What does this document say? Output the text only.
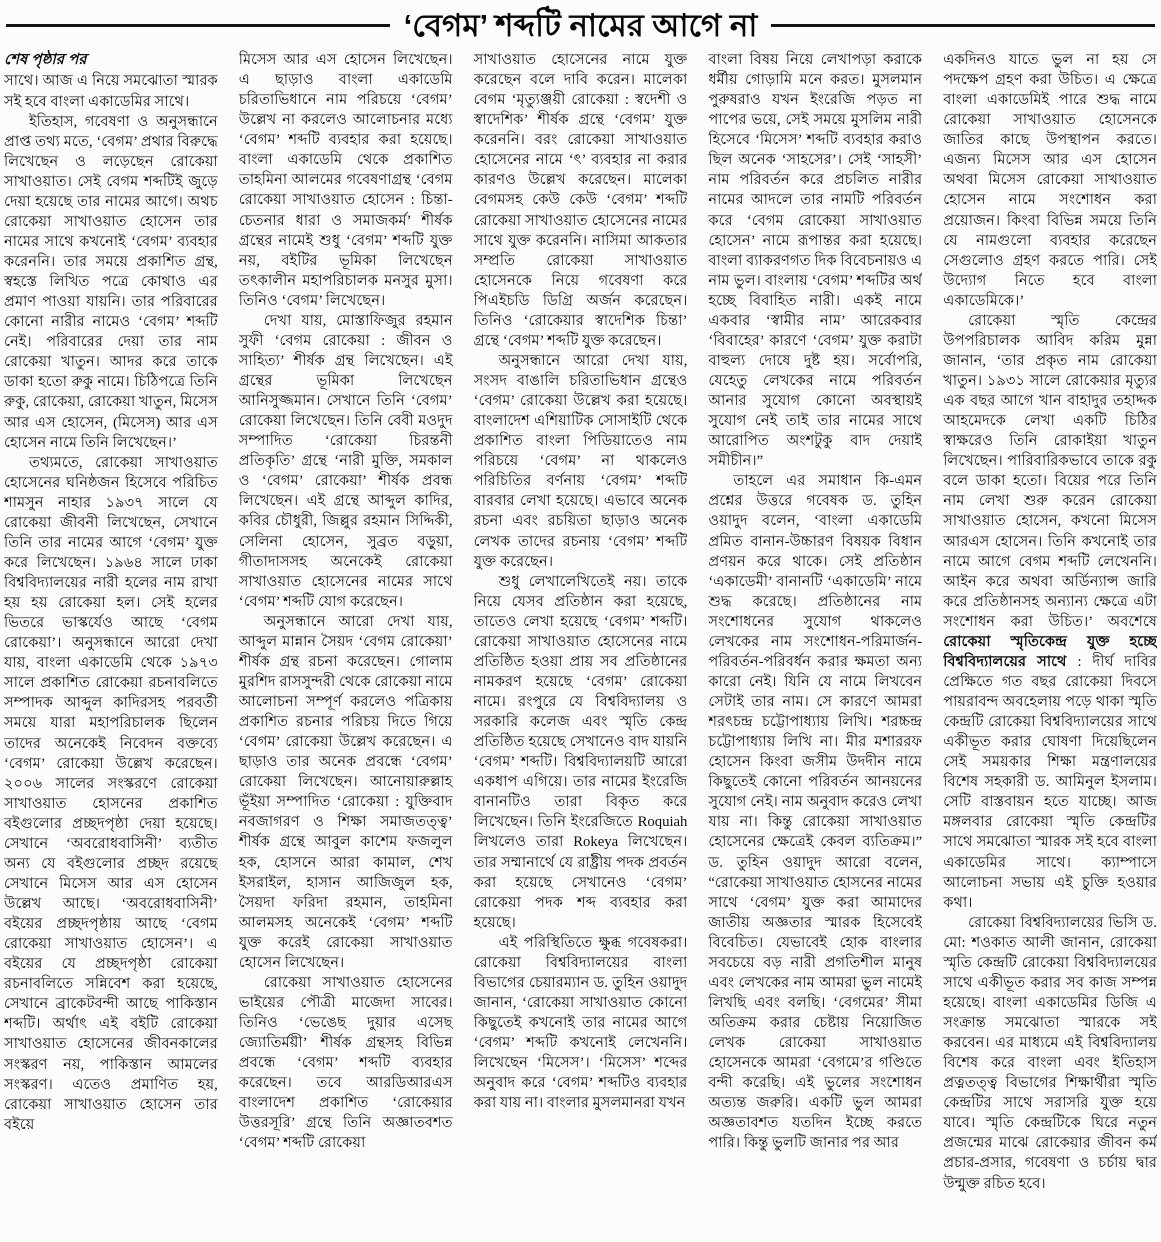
‘বেগম’ শব্দটি নামের আগে না
শেষ পৃষ্ঠার পর

সাথে। আজ এ নিয়ে সমঝোতা স্মারক সই হবে বাংলা একাডেমির সাথে।

ইতিহাস, গবেষণা ও অনুসন্ধানে প্রাপ্ত তথ্য মতে, ‘বেগম’ প্রথার বিরুদ্ধে লিখেছেন ও লড়েছেন রোকেয়া সাখাওয়াত। সেই বেগম শব্দটিই জুড়ে দেয়া হয়েছে তার নামের আগে। অথচ রোকেয়া সাখাওয়াত হোসেন তার নামের সাথে কখনোই ‘বেগম’ ব্যবহার করেননি। তার সময়ে প্রকাশিত গ্রন্থ, স্বহস্তে লিখিত পত্রে কোথাও এর প্রমাণ পাওয়া যায়নি। তার পরিবারের কোনো নারীর নামেও ‘বেগম’ শব্দটি নেই। পরিবারের দেয়া তার নাম রোকেয়া খাতুন। আদর করে তাকে ডাকা হতো রুকু নামে। চিঠিপত্রে তিনি রুকু, রোকেয়া, রোকেয়া খাতুন, মিসেস আর এস হোসেন, (মিসেস) আর এস হোসেন নামে তিনি লিখেছেন।’

তথ্যমতে, রোকেয়া সাখাওয়াত হোসেনের ঘনিষ্ঠজন হিসেবে পরিচিত শামসুন নাহার ১৯৩৭ সালে যে রোকেয়া জীবনী লিখেছেন, সেখানে তিনি তার নামের আগে ‘বেগম’ যুক্ত করে লিখেছেন। ১৯৬৪ সালে ঢাকা বিশ্ববিদ্যালয়ের নারী হলের নাম রাখা হয় হয় রোকেয়া হল। সেই হলের ভিতরে ভাস্কর্যেও আছে ‘বেগম রোকেয়া’। অনুসন্ধানে আরো দেখা যায়, বাংলা একাডেমি থেকে ১৯৭৩ সালে প্রকাশিত রোকেয়া রচনাবলিতে সম্পাদক আব্দুল কাদিরসহ পরবর্তী সময়ে যারা মহাপরিচালক ছিলেন তাদের অনেকেই নিবেদন বক্তব্যে ‘বেগম’ রোকেয়া উল্লেখ করেছেন। ২০০৬ সালের সংস্করণে রোকেয়া সাখাওয়াত হোসনের প্রকাশিত বইগুলোর প্রচ্ছদপৃষ্ঠা দেয়া হয়েছে। সেখানে ‘অবরোধবাসিনী’ ব্যতীত অন্য যে বইগুলোর প্রচ্ছদ রয়েছে সেখানে মিসেস আর এস হোসেন উল্লেখ আছে। ‘অবরোধবাসিনী’ বইয়ের প্রচ্ছদপৃষ্ঠায় আছে ‘বেগম রোকেয়া সাখাওয়াত হোসেন’। এ বইয়ের যে প্রচ্ছদপৃষ্ঠা রোকেয়া রচনাবলিতে সন্নিবেশ করা হয়েছে, সেখানে ব্রাকেটবন্দী আছে পাকিস্তান শব্দটি। অর্থাৎ এই বইটি রোকেয়া সাখাওয়াত হোসেনের জীবনকালের সংস্করণ নয়, পাকিস্তান আমলের সংস্করণ। এতেও প্রমাণিত হয়, রোকেয়া সাখাওয়াত হোসেন তার বইয়ে

মিসেস আর এস হোসেন লিখেছেন। এ ছাড়াও বাংলা একাডেমি চরিতাভিধানে নাম পরিচয়ে ‘বেগম’ উল্লেখ না করলেও আলোচনার মধ্যে ‘বেগম’ শব্দটি ব্যবহার করা হয়েছে। বাংলা একাডেমি থেকে প্রকাশিত তাহমিনা আলমের গবেষণাগ্রন্থ ‘বেগম রোকেয়া সাখাওয়াত হোসেন : চিন্তা-চেতনার ধারা ও সমাজকর্ম’ শীর্ষক গ্রন্থের নামেই শুধু ‘বেগম’ শব্দটি যুক্ত নয়, বইটির ভূমিকা লিখেছেন তৎকালীন মহাপরিচালক মনসুর মুসা। তিনিও ‘বেগম’ লিখেছেন।

দেখা যায়, মোস্তাফিজুর রহমান সুফী ‘বেগম রোকেয়া : জীবন ও সাহিত্য’ শীর্ষক গ্রন্থ লিখেছেন। এই গ্রন্থের ভূমিকা লিখেছেন আনিসুজ্জমান। সেখানে তিনি ‘বেগম’ রোকেয়া লিখেছেন। তিনি বেবী মওদুদ সম্পাদিত ‘রোকেয়া চিরন্তনী প্রতিকৃতি’ গ্রন্থে ‘নারী মুক্তি, সমকাল ও ‘বেগম’ রোকেয়া’ শীর্ষক প্রবন্ধ লিখেছেন। এই গ্রন্থে আব্দুল কাদির, কবির চৌধুরী, জিল্লুর রহমান সিদ্দিকী, সেলিনা হোসেন, সুব্রত বড়ুয়া, গীতাদাসসহ অনেকেই রোকেয়া সাখাওয়াত হোসেনের নামের সাথে ‘বেগম’ শব্দটি যোগ করেছেন।

অনুসন্ধানে আরো দেখা যায়, আব্দুল মান্নান সৈয়দ ‘বেগম রোকেয়া’ শীর্ষক গ্রন্থ রচনা করেছেন। গোলাম মুরশিদ রাসসুন্দরী থেকে রোকেয়া নামে আলোচনা সম্পূর্ণ করলেও পত্রিকায় প্রকাশিত রচনার পরিচয় দিতে গিয়ে ‘বেগম’ রোকেয়া উল্লেখ করেছেন। এ ছাড়াও তার অনেক প্রবন্ধে ‘বেগম’ রোকেয়া লিখেছেন। আনোয়ারুল্লাহ ভূঁইয়া সম্পাদিত ‘রোকেয়া : যুক্তিবাদ নবজাগরণ ও শিক্ষা সমাজতত্ত্ব’ শীর্ষক গ্রন্থে আবুল কাশেম ফজলুল হক, হোসনে আরা কামাল, শেখ ইসরাইল, হাসান আজিজুল হক, সৈয়দা ফরিদা রহমান, তাহমিনা আলমসহ অনেকেই ‘বেগম’ শব্দটি যুক্ত করেই রোকেয়া সাখাওয়াত হোসেন লিখেছেন।

রোকেয়া সাখাওয়াত হোসেনের ভাইয়ের পৌত্রী মাজেদা সাবের। তিনিও ‘ভেঙেছ দুয়ার এসেছ জ্যোতির্ময়ী’ শীর্ষক গ্রন্থসহ বিভিন্ন প্রবন্ধে ‘বেগম’ শব্দটি ব্যবহার করেছেন। তবে আরডিআরএস বাংলাদেশ প্রকাশিত ‘রোকেয়ার উত্তরসূরি’ গ্রন্থে তিনি অজ্ঞাতবশত ‘বেগম’ শব্দটি রোকেয়া

সাখাওয়াত হোসেনের নামে যুক্ত করেছেন বলে দাবি করেন। মালেকা বেগম ‘মৃত্যুঞ্জয়ী রোকেয়া : স্বদেশী ও স্বাদেশিক’ শীর্ষক গ্রন্থে ‘বেগম’ যুক্ত করেননি। বরং রোকেয়া সাখাওয়াত হোসেনের নামে ‘ৎ’ ব্যবহার না করার কারণও উল্লেখ করেছেন। মালেকা বেগমসহ কেউ কেউ ‘বেগম’ শব্দটি রোকেয়া সাখাওয়াত হোসেনের নামের সাথে যুক্ত করেননি। নাসিমা আকতার সম্প্রতি রোকেয়া সাখাওয়াত হোসেনকে নিয়ে গবেষণা করে পিএইচডি ডিগ্রি অর্জন করেছেন। তিনিও ‘রোকেয়ার স্বাদেশিক চিন্তা’ গ্রন্থে ‘বেগম’ শব্দটি যুক্ত করেছেন।

অনুসন্ধানে আরো দেখা যায়, সংসদ বাঙালি চরিতাভিধান গ্রন্থেও ‘বেগম’ রোকেয়া উল্লেখ করা হয়েছে। বাংলাদেশ এশিয়াটিক সোসাইটি থেকে প্রকাশিত বাংলা পিডিয়াতেও নাম পরিচয়ে ‘বেগম’ না থাকলেও পরিচিতির বর্ণনায় ‘বেগম’ শব্দটি বারবার লেখা হয়েছে। এভাবে অনেক রচনা এবং রচয়িতা ছাড়াও অনেক লেখক তাদের রচনায় ‘বেগম’ শব্দটি যুক্ত করেছেন।

শুধু লেখালেখিতেই নয়। তাকে নিয়ে যেসব প্রতিষ্ঠান করা হয়েছে, তাতেও লেখা হয়েছে ‘বেগম’ শব্দটি। রোকেয়া সাখাওয়াত হোসেনের নামে প্রতিষ্ঠিত হওয়া প্রায় সব প্রতিষ্ঠানের নামকরণ হয়েছে ‘বেগম’ রোকেয়া নামে। রংপুরে যে বিশ্ববিদ্যালয় ও সরকারি কলেজ এবং স্মৃতি কেন্দ্র প্রতিষ্ঠিত হয়েছে সেখানেও বাদ যায়নি ‘বেগম’ শব্দটি। বিশ্ববিদ্যালয়টি আরো একধাপ এগিয়ে। তার নামের ইংরেজি বানানটিও তারা বিকৃত করে লিখেছেন। তিনি ইংরেজিতে Roquiah লিখলেও তারা Rokeya লিখেছেন। তার সম্মানার্থে যে রাষ্ট্রীয় পদক প্রবর্তন করা হয়েছে সেখানেও ‘বেগম’ রোকেয়া পদক শব্দ ব্যবহার করা হয়েছে।

এই পরিস্থিতিতে ক্ষুব্ধ গবেষকরা। রোকেয়া বিশ্ববিদ্যালয়ের বাংলা বিভাগের চেয়ারম্যান ড. তুহিন ওয়াদুদ জানান, ‘রোকেয়া সাখাওয়াত কোনো কিছুতেই কখনোই তার নামের আগে ‘বেগম’ শব্দটি কখনোই লেখেননি। লিখেছেন ‘মিসেস’। ‘মিসেস’ শব্দের অনুবাদ করে ‘বেগম’ শব্দটিও ব্যবহার করা যায় না। বাংলার মুসলমানরা যখন

বাংলা বিষয় নিয়ে লেখাপড়া করাকে ধর্মীয় গোড়ামি মনে করত। মুসলমান পুরুষরাও যখন ইংরেজি পড়ত না পাপের ভয়ে, সেই সময়ে মুসলিম নারী হিসেবে ‘মিসেস’ শব্দটি ব্যবহার করাও ছিল অনেক ‘সাহসের’। সেই ‘সাহসী’ নাম পরিবর্তন করে প্রচলিত নারীর নামের আদলে তার নামটি পরিবর্তন করে ‘বেগম রোকেয়া সাখাওয়াত হোসেন’ নামে রূপান্তর করা হয়েছে। বাংলা ব্যাকরণগত দিক বিবেচনায়ও এ নাম ভুল। বাংলায় ‘বেগম’ শব্দটির অর্থ হচ্ছে বিবাহিত নারী। একই নামে একবার ‘স্বামীর নাম’ আরেকবার ‘বিবাহের’ কারণে ‘বেগম’ যুক্ত করাটা বাহুল্য দোষে দুষ্ট হয়। সর্বোপরি, যেহেতু লেখকের নামে পরিবর্তন আনার সুযোগ কোনো অবস্থায়ই সুযোগ নেই তাই তার নামের সাথে আরোপিত অংশটুকু বাদ দেয়াই সমীচীন।”

তাহলে এর সমাধান কি-এমন প্রশ্নের উত্তরে গবেষক ড. তুহিন ওয়াদুদ বলেন, ‘বাংলা একাডেমি প্রমিত বানান-উচ্চারণ বিষয়ক বিধান প্রণয়ন করে থাকে। সেই প্রতিষ্ঠান ‘একাডেমী’ বানানটি ‘একাডেমি’ নামে শুদ্ধ করেছে। প্রতিষ্ঠানের নাম সংশোধনের সুযোগ থাকলেও লেখকের নাম সংশোধন-পরিমার্জন-পরিবর্তন-পরিবর্ধন করার ক্ষমতা অন্য কারো নেই। যিনি যে নামে লিখবেন সেটাই তার নাম। সে কারণে আমরা শরৎচন্দ্র চট্টোপাধ্যায় লিখি। শরচ্চন্দ্র চট্টোপাধ্যায় লিখি না। মীর মশাররফ হোসেন কিংবা জসীম উদদীন নামে কিছুতেই কোনো পরিবর্তন আনয়নের সুযোগ নেই। নাম অনুবাদ করেও লেখা যায় না। কিন্তু রোকেয়া সাখাওয়াত হোসেনের ক্ষেত্রেই কেবল ব্যতিক্রম।” ড. তুহিন ওয়াদুদ আরো বলেন, “রোকেয়া সাখাওয়াত হোসনের নামের সাথে ‘বেগম’ যুক্ত করা আমাদের জাতীয় অজ্ঞতার স্মারক হিসেবেই বিবেচিত। যেভাবেই হোক বাংলার সবচেয়ে বড় নারী প্রগতিশীল মানুষ এবং লেখকের নাম আমরা ভুল নামেই লিখছি এবং বলছি। ‘বেগমের’ সীমা অতিক্রম করার চেষ্টায় নিয়োজিত লেখক রোকেয়া সাখাওয়াত হোসেনকে আমরা ‘বেগমে’র গণ্ডিতে বন্দী করেছি। এই ভুলের সংশোধন অত্যন্ত জরুরি। একটি ভুল আমরা অজ্ঞতাবশত যতদিন ইচ্ছে করতে পারি। কিন্তু ভুলটি জানার পর আর

একদিনও যাতে ভুল না হয় সে পদক্ষেপ গ্রহণ করা উচিত। এ ক্ষেত্রে বাংলা একাডেমিই পারে শুদ্ধ নামে রোকেয়া সাখাওয়াত হোসেনকে জাতির কাছে উপস্থাপন করতে। এজন্য মিসেস আর এস হোসেন অথবা মিসেস রোকেয়া সাখাওয়াত হোসেন নামে সংশোধন করা প্রয়োজন। কিংবা বিভিন্ন সময়ে তিনি যে নামগুলো ব্যবহার করেছেন সেগুলোও গ্রহণ করতে পারি। সেই উদ্যোগ নিতে হবে বাংলা একাডেমিকে।’

রোকেয়া স্মৃতি কেন্দ্রের উপপরিচালক আবিদ করিম মুন্না জানান, ‘তার প্রকৃত নাম রোকেয়া খাতুন। ১৯৩১ সালে রোকেয়ার মৃত্যুর এক বছর আগে খান বাহাদুর তহাদ্দক আহমেদকে লেখা একটি চিঠির স্বাক্ষরেও তিনি রোকাইয়া খাতুন লিখেছেন। পারিবারিকভাবে তাকে রকু বলে ডাকা হতো। বিয়ের পরে তিনি নাম লেখা শুরু করেন রোকেয়া সাখাওয়াত হোসেন, কখনো মিসেস আরএস হোসেন। তিনি কখনোই তার নামে আগে বেগম শব্দটি লেখেননি। আইন করে অথবা অর্ডিন্যান্স জারি করে প্রতিষ্ঠানসহ অন্যান্য ক্ষেত্রে এটা সংশোধন করা উচিত।’ অবশেষে রোকেয়া স্মৃতিকেন্দ্র যুক্ত হচ্ছে বিশ্ববিদ্যালয়ের সাথে : দীর্ঘ দাবির প্রেক্ষিতে গত বছর রোকেয়া দিবসে পায়রাবন্দ অবহেলায় পড়ে থাকা স্মৃতি কেন্দ্রটি রোকেয়া বিশ্ববিদ্যালয়ের সাথে একীভূত করার ঘোষণা দিয়েছিলেন সেই সময়কার শিক্ষা মন্ত্রণালয়ের বিশেষ সহকারী ড. আমিনুল ইসলাম। সেটি বাস্তবায়ন হতে যাচ্ছে। আজ মঙ্গলবার রোকেয়া স্মৃতি কেন্দ্রটির সাথে সমঝোতা স্মারক সই হবে বাংলা একাডেমির সাথে। ক্যাম্পাসে আলোচনা সভায় এই চুক্তি হওয়ার কথা।

রোকেয়া বিশ্ববিদ্যালয়ের ভিসি ড. মো: শওকাত আলী জানান, রোকেয়া স্মৃতি কেন্দ্রটি রোকেয়া বিশ্ববিদ্যালয়ের সাথে একীভূত করার সব কাজ সম্পন্ন হয়েছে। বাংলা একাডেমির ডিজি এ সংক্রান্ত সমঝোতা স্মারকে সই করবেন। এর মাধ্যমে এই বিশ্ববিদ্যালয় বিশেষ করে বাংলা এবং ইতিহাস প্রত্নতত্ত্ব বিভাগের শিক্ষার্থীরা স্মৃতি কেন্দ্রটির সাথে সরাসরি যুক্ত হয়ে যাবে। স্মৃতি কেন্দ্রটিকে ঘিরে নতুন প্রজন্মের মাঝে রোকেয়ার জীবন কর্ম প্রচার-প্রসার, গবেষণা ও চর্চায় দ্বার উন্মুক্ত রচিত হবে।
